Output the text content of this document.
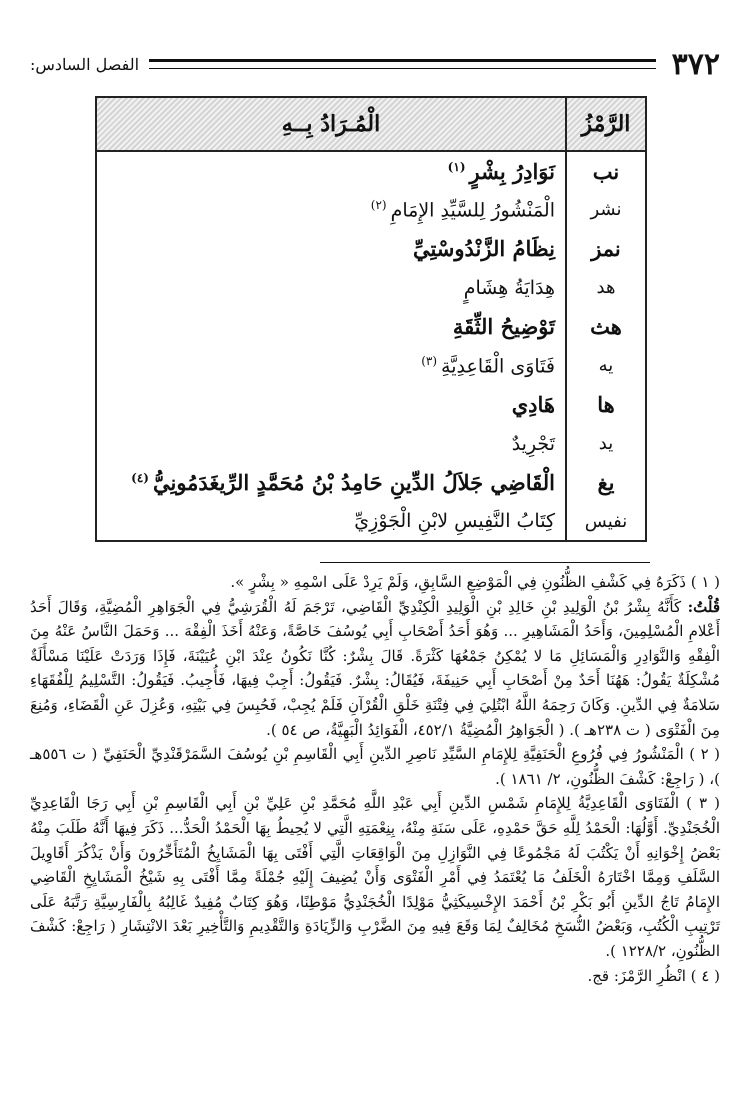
٣٧٢
الفصل السادس:
الرَّمْزُ	الْمُـرَادُ بِــهِ
نب	نَوَادِرُ بِشْرٍ$^{(١)}$
نشر	الْمَنْشُورُ لِلسَّيِّدِ الإِمَامِ$^{(٢)}$
نمز	نِظَامُ الزَّنْدُوسْتِيِّ
هد	هِدَايَةُ هِشَامٍ
هث	تَوْضِيحُ الثِّقَةِ
يه	فَتَاوَى الْقَاعِدِيَّةِ$^{(٣)}$
ها	هَادِي
يد	تَجْرِيدٌ
يغ	الْقَاضِي جَلاَلُ الدِّينِ حَامِدُ بْنُ مُحَمَّدٍ الرِّيغَدَمُونِيُّ$^{(٤)}$
نفيس	كِتَابُ النَّفِيسِ لابْنِ الْجَوْزِيِّ

( ١ ) ذَكَرَهُ فِي كَشْفِ الظُّنُونِ فِي الْمَوْضِعِ السَّابِقِ، وَلَمْ يَرِدْ عَلَى اسْمِهِ « بِشْرٍ ».

قُلْتُ: كَأَنَّهُ بِشْرُ بْنُ الْوَلِيدِ بْنِ خَالِدِ بْنِ الْوَلِيدِ الْكِنْدِيِّ الْقَاضِي، تَرْجَمَ لَهُ الْقُرَشِيُّ فِي الْجَوَاهِرِ الْمُضِيَّةِ، وَقَالَ أَحَدُ أَعْلامِ الْمُسْلِمِينَ، وَأَحَدُ الْمَشَاهِيرِ ... وَهُوَ أَحَدُ أَصْحَابِ أَبِي يُوسُفَ خَاصَّةً، وَعَنْهُ أَخَذَ الْفِقْهَ ... وَحَمَلَ النَّاسُ عَنْهُ مِنَ الْفِقْهِ وَالنَّوَادِرِ وَالْمَسَائِلِ مَا لا يُمْكِنُ جَمْعُهَا كَثْرَةً. قَالَ بِشْرٌ: كُنَّا نَكُونُ عِنْدَ ابْنِ عُيَيْنَةَ، فَإِذَا وَرَدَتْ عَلَيْنَا مَسْأَلَةٌ مُشْكِلَةٌ يَقُولُ: هَهُنَا أَحَدٌ مِنْ أَصْحَابِ أَبِي حَنِيفَةَ، فَيُقَالُ: بِشْرٌ. فَيَقُولُ: أَجِبْ فِيهَا، فَأُجِيبُ. فَيَقُولُ: التَّسْلِيمُ لِلْفُقَهَاءِ سَلامَةٌ فِي الدِّينِ. وَكَانَ رَحِمَهُ اللَّهُ ابْتُلِيَ فِي فِتْنَةِ خَلْقِ الْقُرْآنِ فَلَمْ يُجِبْ، فَحُبِسَ فِي بَيْتِهِ، وَعُزِلَ عَنِ الْقَضَاءِ، وَمُنِعَ مِنَ الْفَتْوَى ( ت ٢٣٨هـ ). ( الْجَوَاهِرُ الْمُضِيَّةُ ٤٥٢/١، الْفَوَائِدُ الْبَهِيَّةُ، ص ٥٤ ).

( ٢ ) الْمَنْشُورُ فِي فُرُوعِ الْحَنَفِيَّةِ لِلإِمَامِ السَّيِّدِ نَاصِرِ الدِّينِ أَبِي الْقَاسِمِ بْنِ يُوسُفَ السَّمَرْقَنْدِيِّ الْحَنَفِيِّ ( ت ٥٥٦هـ )، ( رَاجِعْ: كَشْفَ الظُّنُونِ، ٢/ ١٨٦١ ).

( ٣ ) الْفَتَاوَى الْقَاعِدِيَّةُ لِلإِمَامِ شَمْسِ الدِّينِ أَبِي عَبْدِ اللَّهِ مُحَمَّدِ بْنِ عَلِيِّ بْنِ أَبِي الْقَاسِمِ بْنِ أَبِي رَجَا الْقَاعِدِيِّ الْخُجَنْدِيِّ. أَوَّلُهَا: الْحَمْدُ لِلَّهِ حَقَّ حَمْدِهِ، عَلَى سَنَةِ مِنْهُ، بِنِعْمَتِهِ الَّتِي لا يُحِيطُ بِهَا الْحَمْدُ الْحَدُّ... ذَكَرَ فِيهَا أَنَّهُ طَلَبَ مِنْهُ بَعْضُ إِخْوَانِهِ أَنْ يَكْتُبَ لَهُ مَجْمُوعًا فِي النَّوَازِلِ مِنَ الْوَاقِعَاتِ الَّتِي أَفْتَى بِهَا الْمَشَايِخُ الْمُتَأَخِّرُونَ وَأَنْ يَذْكُرَ أَقَاوِيلَ السَّلَفِ وَمِمَّا اخْتَارَهُ الْخَلَفُ مَا يُعْتَمَدُ فِي أَمْرِ الْفَتْوَى وَأَنْ يُضِيفَ إِلَيْهِ جُمْلَةً مِمَّا أَفْتَى بِهِ شَيْخُ الْمَشَايِخِ الْقَاضِي الإِمَامُ تَاجُ الدِّينِ أَبُو بَكْرِ بْنُ أَحْمَدَ الإِخْسِيكَثِيُّ مَوْلِدًا الْخُجَنْدِيُّ مَوْطِنًا، وَهُوَ كِتَابٌ مُفِيدٌ غَالِبُهُ بِالْفَارِسِيَّةِ رَتَّبَهُ عَلَى تَرْتِيبِ الْكُتُبِ، وَبَعْضُ النُّسَخِ مُخَالِفٌ لِمَا وَقَعَ فِيهِ مِنَ الضَّرْبِ وَالزِّيَادَةِ وَالتَّقْدِيمِ وَالتَّأْخِيرِ بَعْدَ الانْتِشَارِ ( رَاجِعْ: كَشْفَ الظُّنُونِ، ١٢٢٨/٢ ).

( ٤ ) انْظُرِ الرَّمْزَ: قج.
